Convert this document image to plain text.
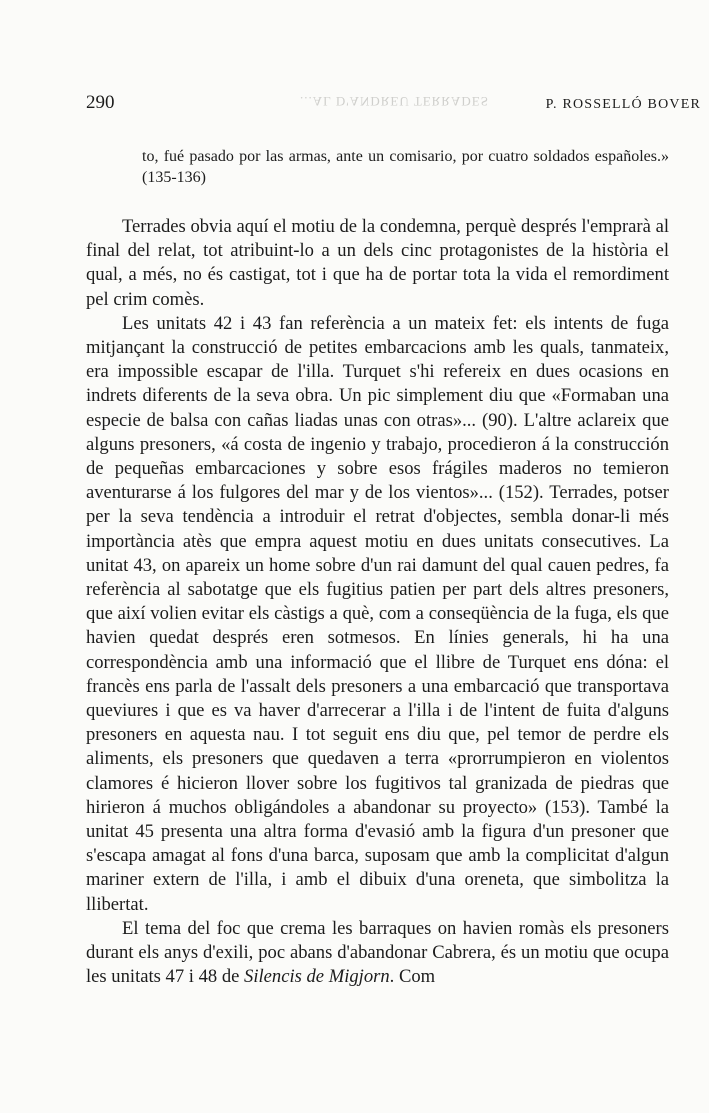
...AL D'ANDREU TERRADES
290	P. ROSSELLÓ BOVER
to, fué pasado por las armas, ante un comisario, por cuatro soldados españoles.» (135-136)

Terrades obvia aquí el motiu de la condemna, perquè després l'emprarà al final del relat, tot atribuint-lo a un dels cinc protagonistes de la història el qual, a més, no és castigat, tot i que ha de portar tota la vida el remordiment pel crim comès.

Les unitats 42 i 43 fan referència a un mateix fet: els intents de fuga mitjançant la construcció de petites embarcacions amb les quals, tanmateix, era impossible escapar de l'illa. Turquet s'hi refereix en dues ocasions en indrets diferents de la seva obra. Un pic simplement diu que «Formaban una especie de balsa con cañas liadas unas con otras»... (90). L'altre aclareix que alguns presoners, «á costa de ingenio y trabajo, procedieron á la construcción de pequeñas embarcaciones y sobre esos frágiles maderos no temieron aventurarse á los fulgores del mar y de los vientos»... (152). Terrades, potser per la seva tendència a introduir el retrat d'objectes, sembla donar-li més importància atès que empra aquest motiu en dues unitats consecutives. La unitat 43, on apareix un home sobre d'un rai damunt del qual cauen pedres, fa referència al sabotatge que els fugitius patien per part dels altres presoners, que així volien evitar els càstigs a què, com a conseqüència de la fuga, els que havien quedat després eren sotmesos. En línies generals, hi ha una correspondència amb una informació que el llibre de Turquet ens dóna: el francès ens parla de l'assalt dels presoners a una embarcació que transportava queviures i que es va haver d'arrecerar a l'illa i de l'intent de fuita d'alguns presoners en aquesta nau. I tot seguit ens diu que, pel temor de perdre els aliments, els presoners que quedaven a terra «prorrumpieron en violentos clamores é hicieron llover sobre los fugitivos tal granizada de piedras que hirieron á muchos obligándoles a abandonar su proyecto» (153). També la unitat 45 presenta una altra forma d'evasió amb la figura d'un presoner que s'escapa amagat al fons d'una barca, suposam que amb la complicitat d'algun mariner extern de l'illa, i amb el dibuix d'una oreneta, que simbolitza la llibertat.

El tema del foc que crema les barraques on havien romàs els presoners durant els anys d'exili, poc abans d'abandonar Cabrera, és un motiu que ocupa les unitats 47 i 48 de Silencis de Migjorn. Com
